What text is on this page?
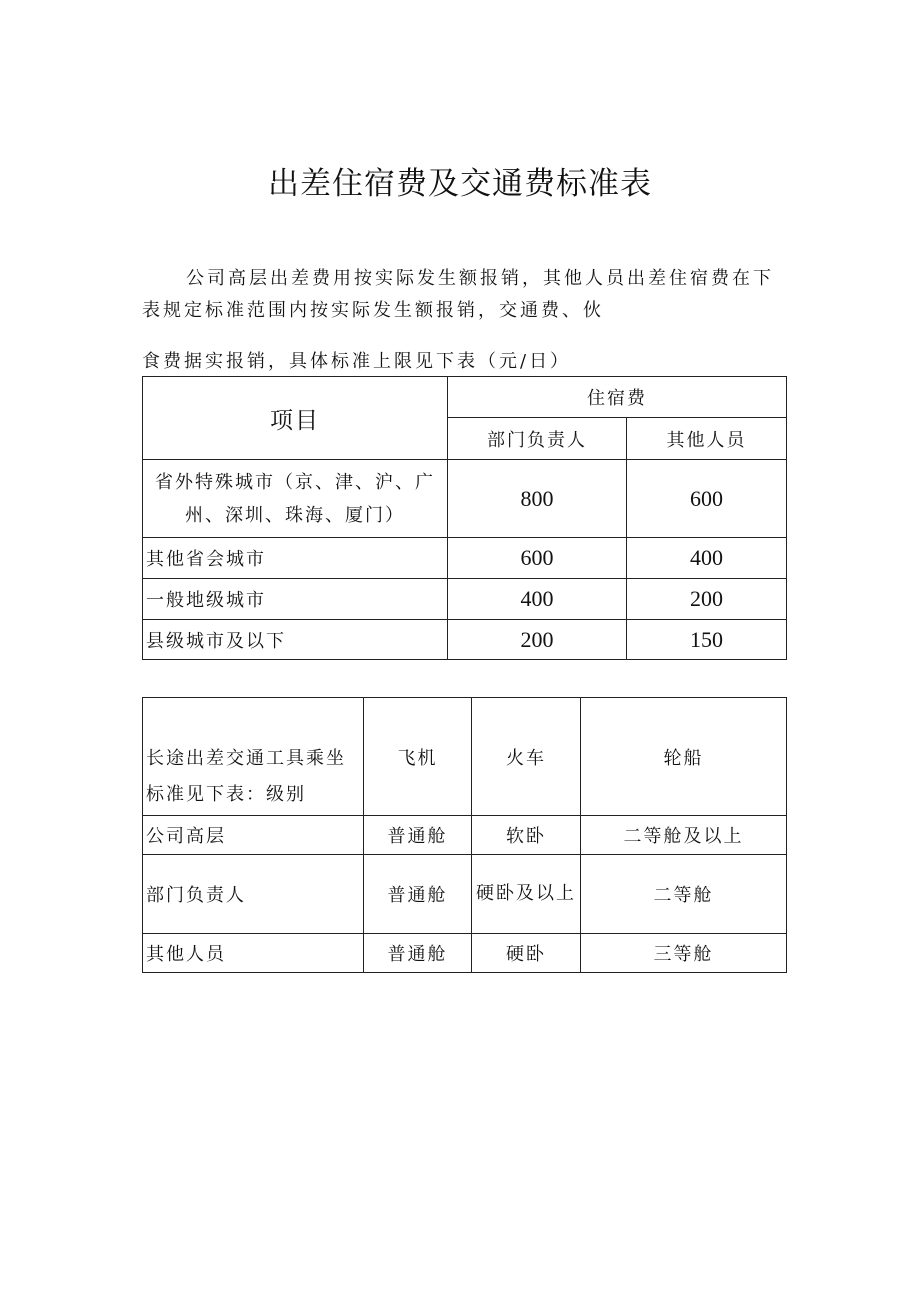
出差住宿费及交通费标准表
公司高层出差费用按实际发生额报销，其他人员出差住宿费在下表规定标准范围内按实际发生额报销，交通费、伙
食费据实报销，具体标准上限见下表（元/日）
项目	住宿费	
	部门负责人	其他人员
省外特殊城市（京、津、沪、广州、深圳、珠海、厦门）	800	600
其他省会城市	600	400
一般地级城市	400	200
县级城市及以下	200	150
长途出差交通工具乘坐标准见下表：级别	飞机	火车	轮船
公司高层	普通舱	软卧	二等舱及以上
部门负责人	普通舱	硬卧及以上	二等舱
其他人员	普通舱	硬卧	三等舱
